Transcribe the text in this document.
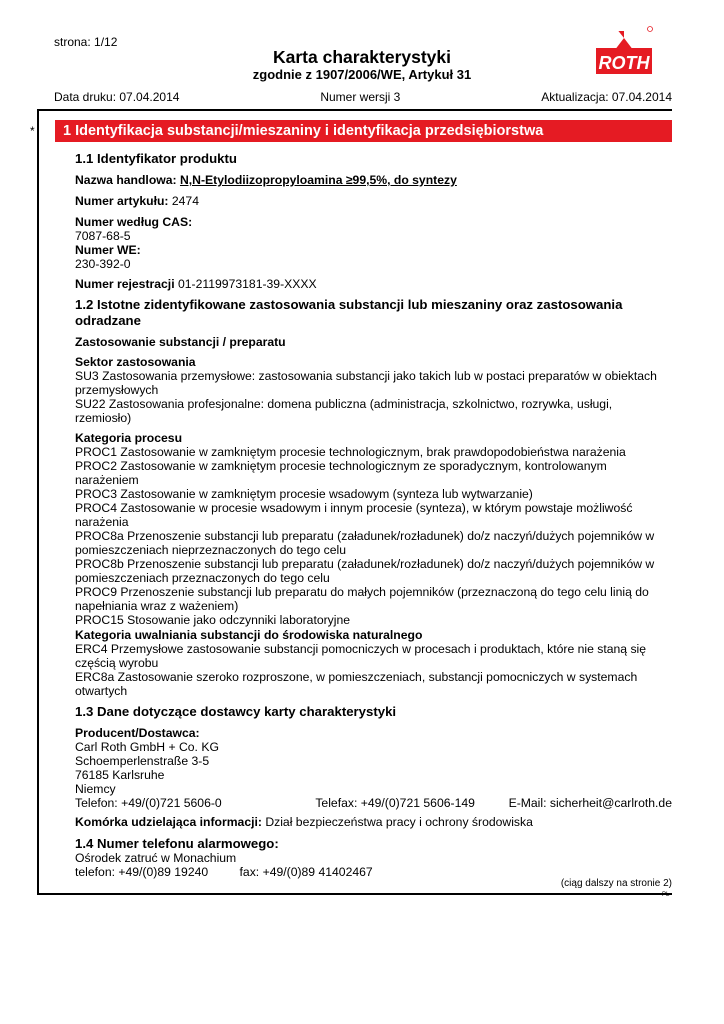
strona: 1/12
Karta charakterystyki
zgodnie z 1907/2006/WE, Artykuł 31
ROTH
Data druku: 07.04.2014	Numer wersji 3	Aktualizacja: 07.04.2014
*	1 Identyfikacja substancji/mieszaniny i identyfikacja przedsiębiorstwa
1.1 Identyfikator produktu
Nazwa handlowa: N,N-Etylodiizopropyloamina ≥99,5%, do syntezy
Numer artykułu: 2474
Numer według CAS:
7087-68-5
Numer WE:
230-392-0
Numer rejestracji 01-2119973181-39-XXXX
1.2 Istotne zidentyfikowane zastosowania substancji lub mieszaniny oraz zastosowania odradzane
Zastosowanie substancji / preparatu
Sektor zastosowania
SU3 Zastosowania przemysłowe: zastosowania substancji jako takich lub w postaci preparatów w obiektach
przemysłowych
SU22 Zastosowania profesjonalne: domena publiczna (administracja, szkolnictwo, rozrywka, usługi,
rzemiosło)
Kategoria procesu
PROC1 Zastosowanie w zamkniętym procesie technologicznym, brak prawdopodobieństwa narażenia
PROC2 Zastosowanie w zamkniętym procesie technologicznym ze sporadycznym, kontrolowanym
narażeniem
PROC3 Zastosowanie w zamkniętym procesie wsadowym (synteza lub wytwarzanie)
PROC4 Zastosowanie w procesie wsadowym i innym procesie (synteza), w którym powstaje możliwość
narażenia
PROC8a Przenoszenie substancji lub preparatu (załadunek/rozładunek) do/z naczyń/dużych pojemników w
pomieszczeniach nieprzeznaczonych do tego celu
PROC8b Przenoszenie substancji lub preparatu (załadunek/rozładunek) do/z naczyń/dużych pojemników w
pomieszczeniach przeznaczonych do tego celu
PROC9 Przenoszenie substancji lub preparatu do małych pojemników (przeznaczoną do tego celu linią do
napełniania wraz z ważeniem)
PROC15 Stosowanie jako odczynniki laboratoryjne
Kategoria uwalniania substancji do środowiska naturalnego
ERC4 Przemysłowe zastosowanie substancji pomocniczych w procesach i produktach, które nie staną się
częścią wyrobu
ERC8a Zastosowanie szeroko rozproszone, w pomieszczeniach, substancji pomocniczych w systemach
otwartych
1.3 Dane dotyczące dostawcy karty charakterystyki
Producent/Dostawca:
Carl Roth GmbH + Co. KG
Schoemperlenstraße 3-5
76185 Karlsruhe
Niemcy
Telefon: +49/(0)721 5606-0	Telefax: +49/(0)721 5606-149	E-Mail: sicherheit@carlroth.de
Komórka udzielająca informacji: Dział bezpieczeństwa pracy i ochrony środowiska
1.4 Numer telefonu alarmowego:
Ośrodek zatruć w Monachium
telefon: +49/(0)89 19240	fax: +49/(0)89 41402467
(ciąg dalszy na stronie 2)
PL
